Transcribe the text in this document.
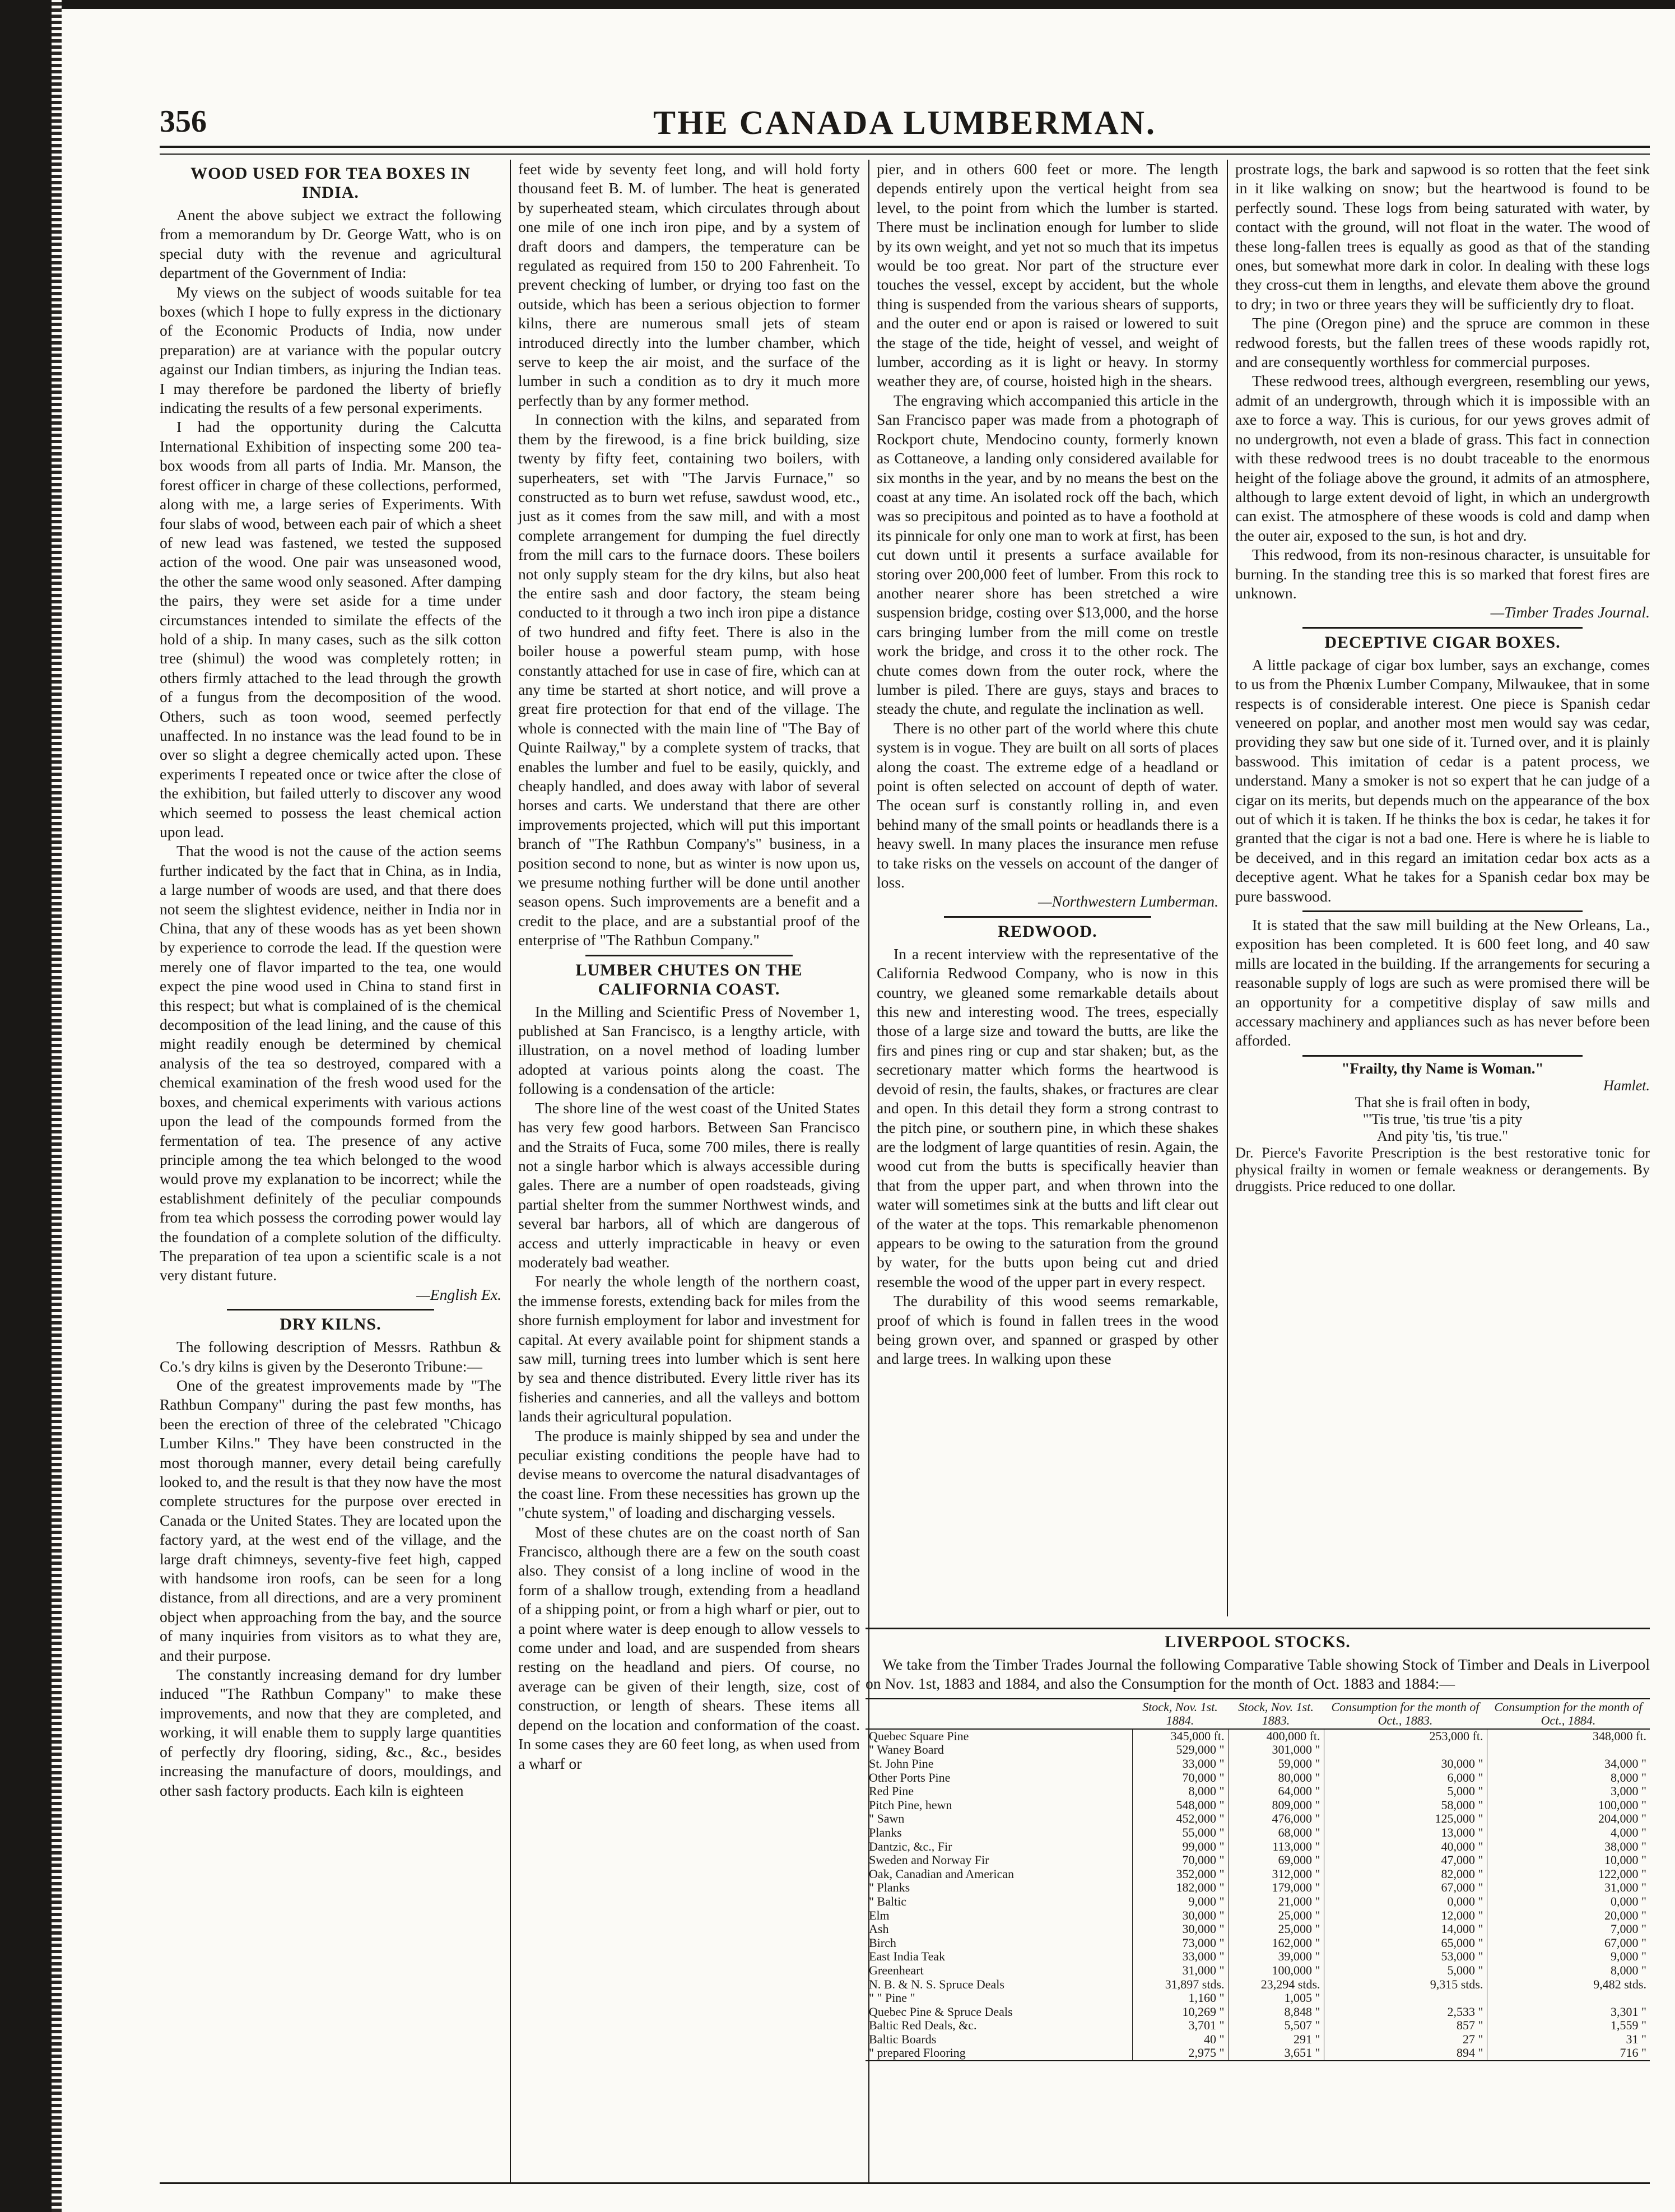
356	THE CANADA LUMBERMAN.
WOOD USED FOR TEA BOXES IN INDIA.

Anent the above subject we extract the following from a memorandum by Dr. George Watt, who is on special duty with the revenue and agricultural department of the Government of India:

My views on the subject of woods suitable for tea boxes (which I hope to fully express in the dictionary of the Economic Products of India, now under preparation) are at variance with the popular outcry against our Indian timbers, as injuring the Indian teas. I may therefore be pardoned the liberty of briefly indicating the results of a few personal experiments.

I had the opportunity during the Calcutta International Exhibition of inspecting some 200 tea-box woods from all parts of India. Mr. Manson, the forest officer in charge of these collections, performed, along with me, a large series of Experiments. With four slabs of wood, between each pair of which a sheet of new lead was fastened, we tested the supposed action of the wood. One pair was unseasoned wood, the other the same wood only seasoned. After damping the pairs, they were set aside for a time under circumstances intended to similate the effects of the hold of a ship. In many cases, such as the silk cotton tree (shimul) the wood was completely rotten; in others firmly attached to the lead through the growth of a fungus from the decomposition of the wood. Others, such as toon wood, seemed perfectly unaffected. In no instance was the lead found to be in over so slight a degree chemically acted upon. These experiments I repeated once or twice after the close of the exhibition, but failed utterly to discover any wood which seemed to possess the least chemical action upon lead.

That the wood is not the cause of the action seems further indicated by the fact that in China, as in India, a large number of woods are used, and that there does not seem the slightest evidence, neither in India nor in China, that any of these woods has as yet been shown by experience to corrode the lead. If the question were merely one of flavor imparted to the tea, one would expect the pine wood used in China to stand first in this respect; but what is complained of is the chemical decomposition of the lead lining, and the cause of this might readily enough be determined by chemical analysis of the tea so destroyed, compared with a chemical examination of the fresh wood used for the boxes, and chemical experiments with various actions upon the lead of the compounds formed from the fermentation of tea. The presence of any active principle among the tea which belonged to the wood would prove my explanation to be incorrect; while the establishment definitely of the peculiar compounds from tea which possess the corroding power would lay the foundation of a complete solution of the difficulty. The preparation of tea upon a scientific scale is a not very distant future.

—English Ex.

DRY KILNS.

The following description of Messrs. Rathbun & Co.'s dry kilns is given by the Deseronto Tribune:—

One of the greatest improvements made by "The Rathbun Company" during the past few months, has been the erection of three of the celebrated "Chicago Lumber Kilns." They have been constructed in the most thorough manner, every detail being carefully looked to, and the result is that they now have the most complete structures for the purpose over erected in Canada or the United States. They are located upon the factory yard, at the west end of the village, and the large draft chimneys, seventy-five feet high, capped with handsome iron roofs, can be seen for a long distance, from all directions, and are a very prominent object when approaching from the bay, and the source of many inquiries from visitors as to what they are, and their purpose.

The constantly increasing demand for dry lumber induced "The Rathbun Company" to make these improvements, and now that they are completed, and working, it will enable them to supply large quantities of perfectly dry flooring, siding, &c., &c., besides increasing the manufacture of doors, mouldings, and other sash factory products. Each kiln is eighteen

feet wide by seventy feet long, and will hold forty thousand feet B. M. of lumber. The heat is generated by superheated steam, which circulates through about one mile of one inch iron pipe, and by a system of draft doors and dampers, the temperature can be regulated as required from 150 to 200 Fahrenheit. To prevent checking of lumber, or drying too fast on the outside, which has been a serious objection to former kilns, there are numerous small jets of steam introduced directly into the lumber chamber, which serve to keep the air moist, and the surface of the lumber in such a condition as to dry it much more perfectly than by any former method.

In connection with the kilns, and separated from them by the firewood, is a fine brick building, size twenty by fifty feet, containing two boilers, with superheaters, set with "The Jarvis Furnace," so constructed as to burn wet refuse, sawdust wood, etc., just as it comes from the saw mill, and with a most complete arrangement for dumping the fuel directly from the mill cars to the furnace doors. These boilers not only supply steam for the dry kilns, but also heat the entire sash and door factory, the steam being conducted to it through a two inch iron pipe a distance of two hundred and fifty feet. There is also in the boiler house a powerful steam pump, with hose constantly attached for use in case of fire, which can at any time be started at short notice, and will prove a great fire protection for that end of the village. The whole is connected with the main line of "The Bay of Quinte Railway," by a complete system of tracks, that enables the lumber and fuel to be easily, quickly, and cheaply handled, and does away with labor of several horses and carts. We understand that there are other improvements projected, which will put this important branch of "The Rathbun Company's" business, in a position second to none, but as winter is now upon us, we presume nothing further will be done until another season opens. Such improvements are a benefit and a credit to the place, and are a substantial proof of the enterprise of "The Rathbun Company."

LUMBER CHUTES ON THE CALIFORNIA COAST.

In the Milling and Scientific Press of November 1, published at San Francisco, is a lengthy article, with illustration, on a novel method of loading lumber adopted at various points along the coast. The following is a condensation of the article:

The shore line of the west coast of the United States has very few good harbors. Between San Francisco and the Straits of Fuca, some 700 miles, there is really not a single harbor which is always accessible during gales. There are a number of open roadsteads, giving partial shelter from the summer Northwest winds, and several bar harbors, all of which are dangerous of access and utterly impracticable in heavy or even moderately bad weather.

For nearly the whole length of the northern coast, the immense forests, extending back for miles from the shore furnish employment for labor and investment for capital. At every available point for shipment stands a saw mill, turning trees into lumber which is sent here by sea and thence distributed. Every little river has its fisheries and canneries, and all the valleys and bottom lands their agricultural population.

The produce is mainly shipped by sea and under the peculiar existing conditions the people have had to devise means to overcome the natural disadvantages of the coast line. From these necessities has grown up the "chute system," of loading and discharging vessels.

Most of these chutes are on the coast north of San Francisco, although there are a few on the south coast also. They consist of a long incline of wood in the form of a shallow trough, extending from a headland of a shipping point, or from a high wharf or pier, out to a point where water is deep enough to allow vessels to come under and load, and are suspended from shears resting on the headland and piers. Of course, no average can be given of their length, size, cost of construction, or length of shears. These items all depend on the location and conformation of the coast. In some cases they are 60 feet long, as when used from a wharf or

pier, and in others 600 feet or more. The length depends entirely upon the vertical height from sea level, to the point from which the lumber is started. There must be inclination enough for lumber to slide by its own weight, and yet not so much that its impetus would be too great. Nor part of the structure ever touches the vessel, except by accident, but the whole thing is suspended from the various shears of supports, and the outer end or apon is raised or lowered to suit the stage of the tide, height of vessel, and weight of lumber, according as it is light or heavy. In stormy weather they are, of course, hoisted high in the shears.

The engraving which accompanied this article in the San Francisco paper was made from a photograph of Rockport chute, Mendocino county, formerly known as Cottaneove, a landing only considered available for six months in the year, and by no means the best on the coast at any time. An isolated rock off the bach, which was so precipitous and pointed as to have a foothold at its pinnicale for only one man to work at first, has been cut down until it presents a surface available for storing over 200,000 feet of lumber. From this rock to another nearer shore has been stretched a wire suspension bridge, costing over $13,000, and the horse cars bringing lumber from the mill come on trestle work the bridge, and cross it to the other rock. The chute comes down from the outer rock, where the lumber is piled. There are guys, stays and braces to steady the chute, and regulate the inclination as well.

There is no other part of the world where this chute system is in vogue. They are built on all sorts of places along the coast. The extreme edge of a headland or point is often selected on account of depth of water. The ocean surf is constantly rolling in, and even behind many of the small points or headlands there is a heavy swell. In many places the insurance men refuse to take risks on the vessels on account of the danger of loss.

—Northwestern Lumberman.

REDWOOD.

In a recent interview with the representative of the California Redwood Company, who is now in this country, we gleaned some remarkable details about this new and interesting wood. The trees, especially those of a large size and toward the butts, are like the firs and pines ring or cup and star shaken; but, as the secretionary matter which forms the heartwood is devoid of resin, the faults, shakes, or fractures are clear and open. In this detail they form a strong contrast to the pitch pine, or southern pine, in which these shakes are the lodgment of large quantities of resin. Again, the wood cut from the butts is specifically heavier than that from the upper part, and when thrown into the water will sometimes sink at the butts and lift clear out of the water at the tops. This remarkable phenomenon appears to be owing to the saturation from the ground by water, for the butts upon being cut and dried resemble the wood of the upper part in every respect.

The durability of this wood seems remarkable, proof of which is found in fallen trees in the wood being grown over, and spanned or grasped by other and large trees. In walking upon these

prostrate logs, the bark and sapwood is so rotten that the feet sink in it like walking on snow; but the heartwood is found to be perfectly sound. These logs from being saturated with water, by contact with the ground, will not float in the water. The wood of these long-fallen trees is equally as good as that of the standing ones, but somewhat more dark in color. In dealing with these logs they cross-cut them in lengths, and elevate them above the ground to dry; in two or three years they will be sufficiently dry to float.

The pine (Oregon pine) and the spruce are common in these redwood forests, but the fallen trees of these woods rapidly rot, and are consequently worthless for commercial purposes.

These redwood trees, although evergreen, resembling our yews, admit of an undergrowth, through which it is impossible with an axe to force a way. This is curious, for our yews groves admit of no undergrowth, not even a blade of grass. This fact in connection with these redwood trees is no doubt traceable to the enormous height of the foliage above the ground, it admits of an atmosphere, although to large extent devoid of light, in which an undergrowth can exist. The atmosphere of these woods is cold and damp when the outer air, exposed to the sun, is hot and dry.

This redwood, from its non-resinous character, is unsuitable for burning. In the standing tree this is so marked that forest fires are unknown.

—Timber Trades Journal.

DECEPTIVE CIGAR BOXES.

A little package of cigar box lumber, says an exchange, comes to us from the Phœnix Lumber Company, Milwaukee, that in some respects is of considerable interest. One piece is Spanish cedar veneered on poplar, and another most men would say was cedar, providing they saw but one side of it. Turned over, and it is plainly basswood. This imitation of cedar is a patent process, we understand. Many a smoker is not so expert that he can judge of a cigar on its merits, but depends much on the appearance of the box out of which it is taken. If he thinks the box is cedar, he takes it for granted that the cigar is not a bad one. Here is where he is liable to be deceived, and in this regard an imitation cedar box acts as a deceptive agent. What he takes for a Spanish cedar box may be pure basswood.

It is stated that the saw mill building at the New Orleans, La., exposition has been completed. It is 600 feet long, and 40 saw mills are located in the building. If the arrangements for securing a reasonable supply of logs are such as were promised there will be an opportunity for a competitive display of saw mills and accessary machinery and appliances such as has never before been afforded.

"Frailty, thy Name is Woman."
Hamlet.
That she is frail often in body,
"'Tis true, 'tis true 'tis a pity
And pity 'tis, 'tis true."
Dr. Pierce's Favorite Prescription is the best restorative tonic for physical frailty in women or female weakness or derangements. By druggists. Price reduced to one dollar.
LIVERPOOL STOCKS.

We take from the Timber Trades Journal the following Comparative Table showing Stock of Timber and Deals in Liverpool on Nov. 1st, 1883 and 1884, and also the Consumption for the month of Oct. 1883 and 1884:—

	Stock, Nov. 1st. 1884.	Stock, Nov. 1st. 1883.	Consumption for the month of Oct., 1883.	Consumption for the month of Oct., 1884.
Quebec Square Pine	345,000 ft.	400,000 ft.	253,000 ft.	348,000 ft.
" Waney Board	529,000 "	301,000 "		
St. John Pine	33,000 "	59,000 "	30,000 "	34,000 "
Other Ports Pine	70,000 "	80,000 "	6,000 "	8,000 "
Red Pine	8,000 "	64,000 "	5,000 "	3,000 "
Pitch Pine, hewn	548,000 "	809,000 "	58,000 "	100,000 "
" Sawn	452,000 "	476,000 "	125,000 "	204,000 "
Planks	55,000 "	68,000 "	13,000 "	4,000 "
Dantzic, &c., Fir	99,000 "	113,000 "	40,000 "	38,000 "
Sweden and Norway Fir	70,000 "	69,000 "	47,000 "	10,000 "
Oak, Canadian and American	352,000 "	312,000 "	82,000 "	122,000 "
" Planks	182,000 "	179,000 "	67,000 "	31,000 "
" Baltic	9,000 "	21,000 "	0,000 "	0,000 "
Elm	30,000 "	25,000 "	12,000 "	20,000 "
Ash	30,000 "	25,000 "	14,000 "	7,000 "
Birch	73,000 "	162,000 "	65,000 "	67,000 "
East India Teak	33,000 "	39,000 "	53,000 "	9,000 "
Greenheart	31,000 "	100,000 "	5,000 "	8,000 "
N. B. & N. S. Spruce Deals	31,897 stds.	23,294 stds.	9,315 stds.	9,482 stds.
" " Pine "	1,160 "	1,005 "		
Quebec Pine & Spruce Deals	10,269 "	8,848 "	2,533 "	3,301 "
Baltic Red Deals, &c.	3,701 "	5,507 "	857 "	1,559 "
Baltic Boards	40 "	291 "	27 "	31 "
" prepared Flooring	2,975 "	3,651 "	894 "	716 "
